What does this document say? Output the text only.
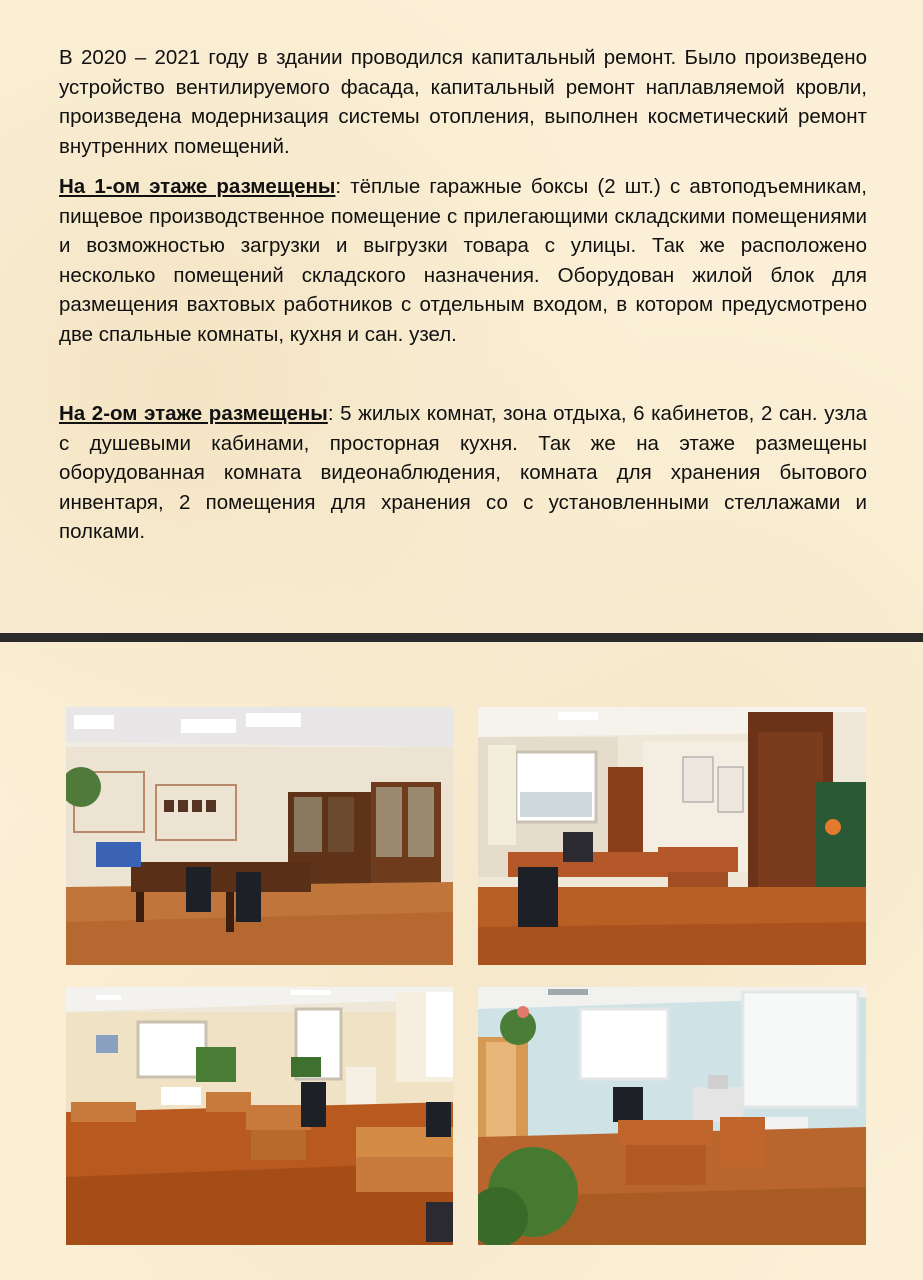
В 2020 – 2021 году в здании проводился капитальный ремонт. Было произведено устройство вентилируемого фасада, капитальный ремонт наплавляемой кровли, произведена модернизация системы отопления, выполнен косметический ремонт внутренних помещений.
На 1-ом этаже размещены: тёплые гаражные боксы (2 шт.) с автоподъемникам, пищевое производственное помещение с прилегающими складскими помещениями и возможностью загрузки и выгрузки товара с улицы. Так же расположено несколько помещений складского назначения. Оборудован жилой блок для размещения вахтовых работников с отдельным входом, в котором предусмотрено две спальные комнаты, кухня и сан. узел.
На 2-ом этаже размещены: 5 жилых комнат, зона отдыха, 6 кабинетов, 2 сан. узла с душевыми кабинами, просторная кухня. Так же на этаже размещены оборудованная комната видеонаблюдения, комната для хранения бытового инвентаря, 2 помещения для хранения со с установленными стеллажами и полками.
